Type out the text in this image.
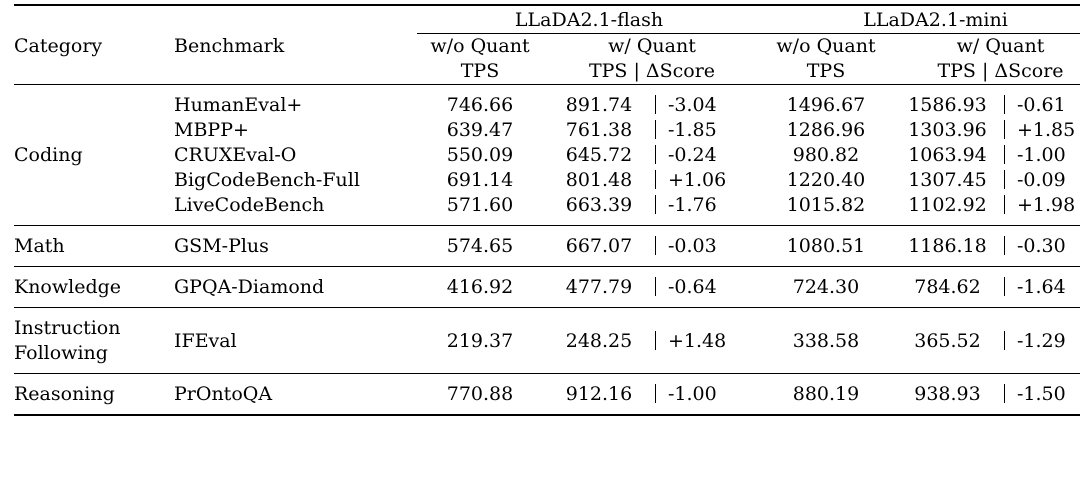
Category	Benchmark	LLaDA2.1-flash			LLaDA2.1-mini		
		w/o Quant	w/ Quant		w/o Quant	w/ Quant	
		TPS	TPS | ΔScore		TPS	TPS | ΔScore	

Coding	HumanEval+	746.66	891.74	-3.04	1496.67	1586.93	-0.61
	MBPP+	639.47	761.38	-1.85	1286.96	1303.96	+1.85
	CRUXEval-O	550.09	645.72	-0.24	980.82	1063.94	-1.00
	BigCodeBench-Full	691.14	801.48	+1.06	1220.40	1307.45	-0.09
	LiveCodeBench	571.60	663.39	-1.76	1015.82	1102.92	+1.98

Math	GSM-Plus	574.65	667.07	-0.03	1080.51	1186.18	-0.30

Knowledge	GPQA-Diamond	416.92	477.79	-0.64	724.30	784.62	-1.64

Instruction
Following	IFEval	219.37	248.25	+1.48	338.58	365.52	-1.29

Reasoning	PrOntoQA	770.88	912.16	-1.00	880.19	938.93	-1.50
